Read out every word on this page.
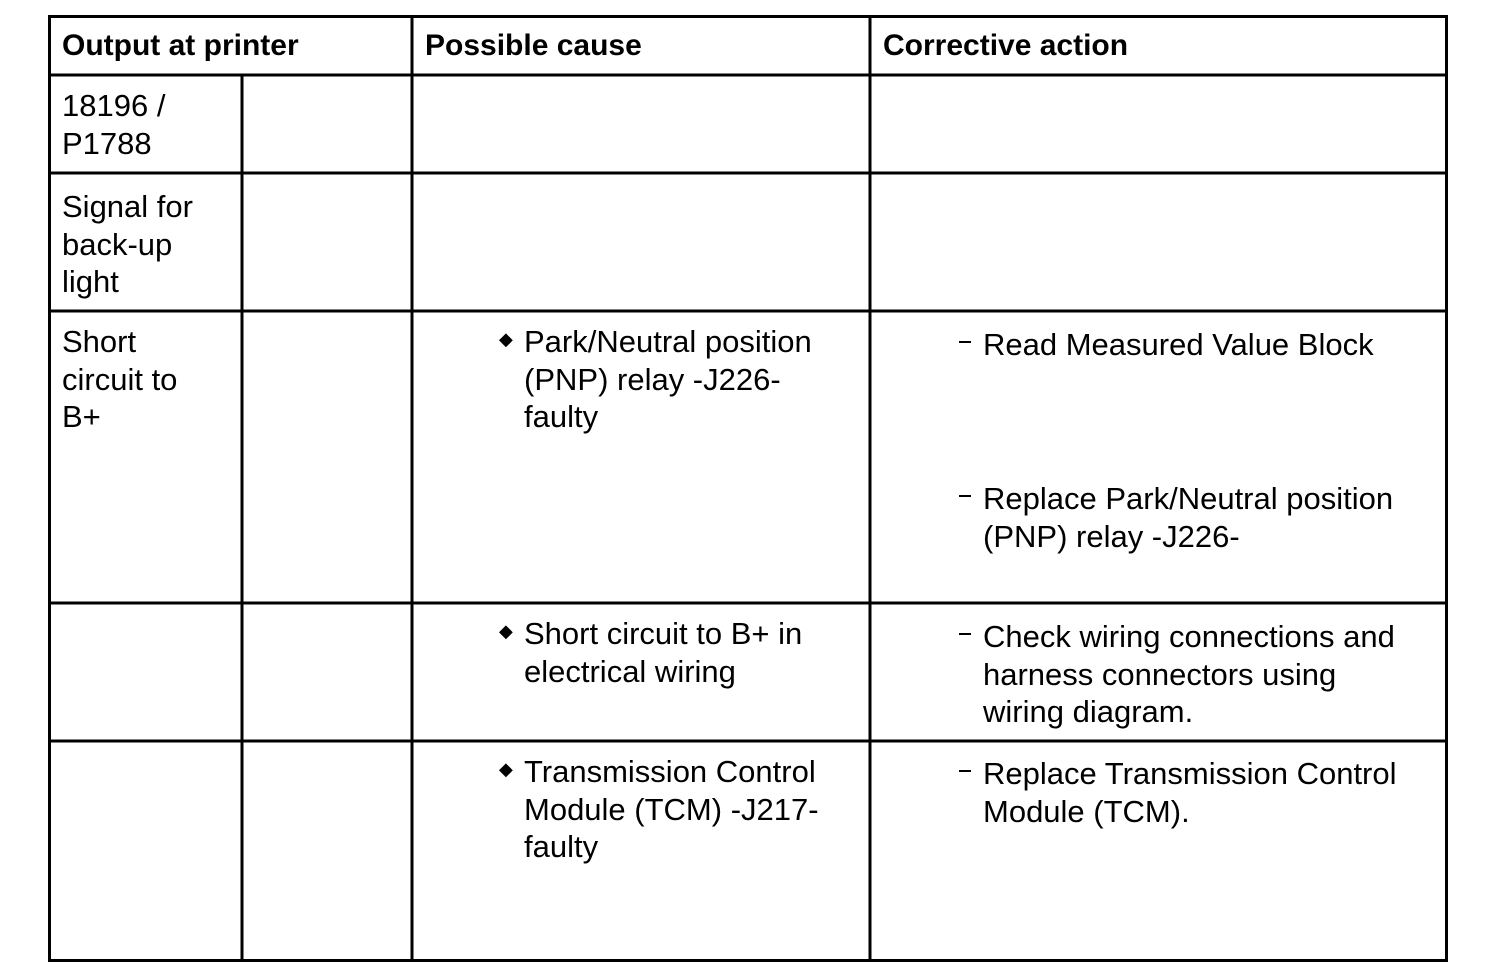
Output at printer	Possible cause	Corrective action
18196 /
P1788
Signal for
back-up
light
Short
circuit to
B+
◆ Park/Neutral position
(PNP) relay -J226-
faulty
Read Measured Value Block
Replace Park/Neutral position
(PNP) relay -J226-
◆ Short circuit to B+ in
electrical wiring
Check wiring connections and
harness connectors using
wiring diagram.
◆ Transmission Control
Module (TCM) -J217-
faulty
Replace Transmission Control
Module (TCM).
